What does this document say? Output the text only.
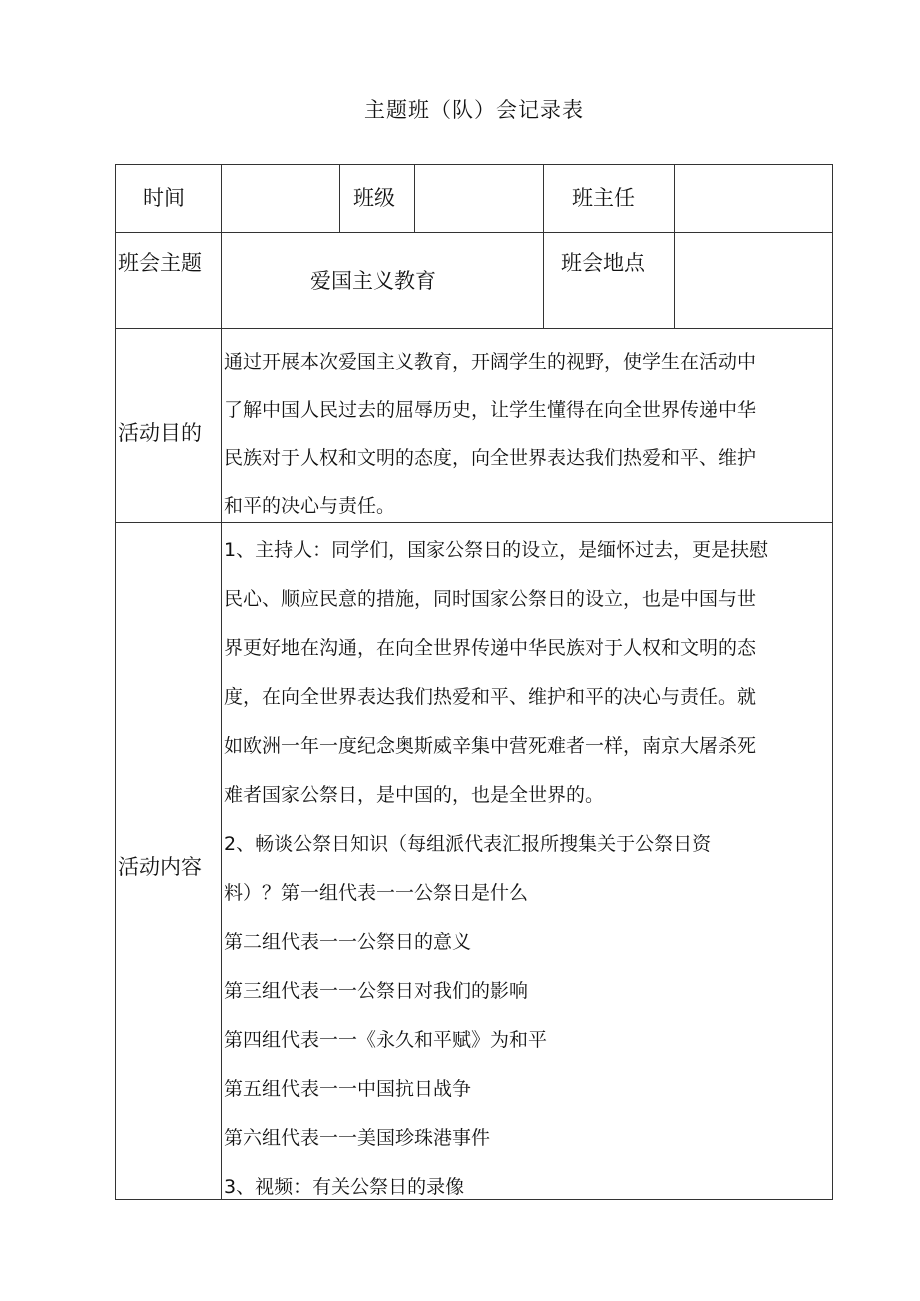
主题班（队）会记录表
时间	班级	班主任
班会主题
爱国主义教育
班会地点
活动目的
通过开展本次爱国主义教育，开阔学生的视野，使学生在活动中
了解中国人民过去的屈辱历史，让学生懂得在向全世界传递中华
民族对于人权和文明的态度，向全世界表达我们热爱和平、维护
和平的决心与责任。
活动内容
1、主持人：同学们，国家公祭日的设立，是缅怀过去，更是扶慰
民心、顺应民意的措施，同时国家公祭日的设立，也是中国与世
界更好地在沟通，在向全世界传递中华民族对于人权和文明的态
度，在向全世界表达我们热爱和平、维护和平的决心与责任。就
如欧洲一年一度纪念奥斯威辛集中营死难者一样，南京大屠杀死
难者国家公祭日，是中国的，也是全世界的。
2、畅谈公祭日知识（每组派代表汇报所搜集关于公祭日资
料）？第一组代表一一公祭日是什么
第二组代表一一公祭日的意义
第三组代表一一公祭日对我们的影响
第四组代表一一《永久和平赋》为和平
第五组代表一一中国抗日战争
第六组代表一一美国珍珠港事件
3、视频：有关公祭日的录像
